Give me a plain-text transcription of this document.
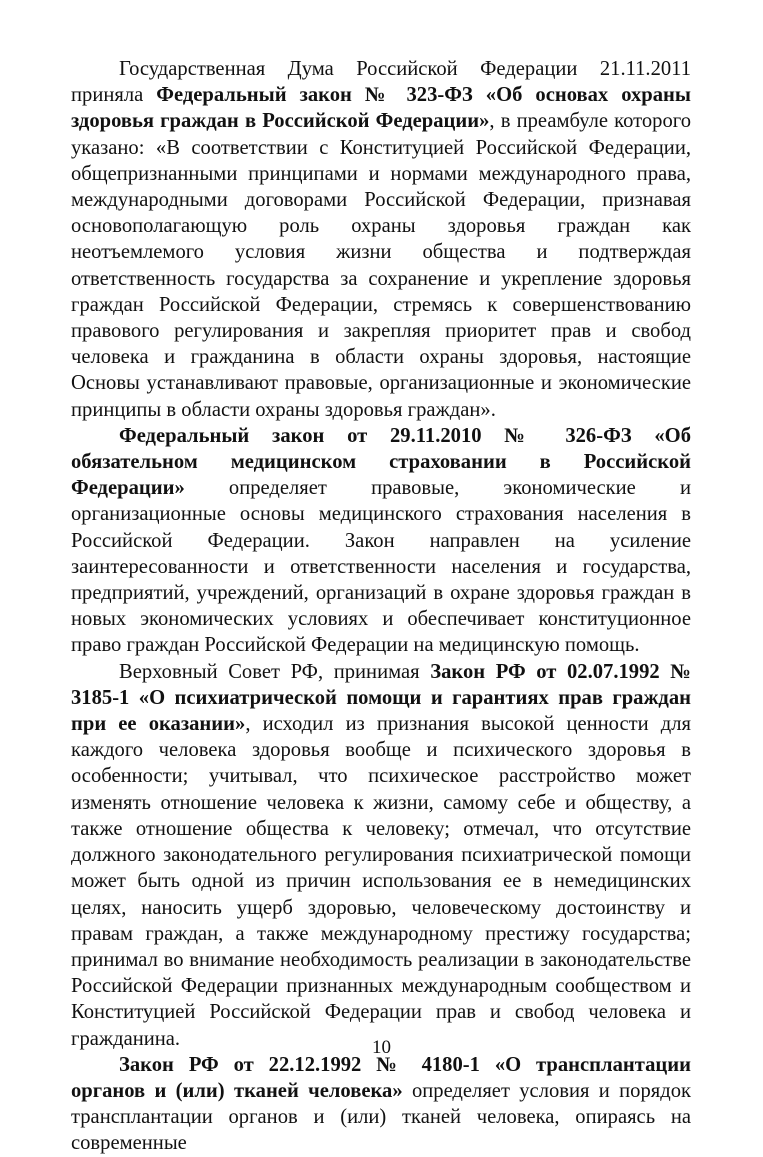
Государственная Дума Российской Федерации 21.11.2011 приняла Федеральный закон № 323-ФЗ «Об основах охраны здоровья граждан в Российской Федерации», в преамбуле которого указано: «В соответствии с Конституцией Российской Федерации, общепризнанными принципами и нормами международного права, международными договорами Российской Федерации, признавая основополагающую роль охраны здоровья граждан как неотъемлемого условия жизни общества и подтверждая ответственность государства за сохранение и укрепление здоровья граждан Российской Федерации, стремясь к совершенствованию правового регулирования и закрепляя приоритет прав и свобод человека и гражданина в области охраны здоровья, настоящие Основы устанавливают правовые, организационные и экономические принципы в области охраны здоровья граждан».

Федеральный закон от 29.11.2010 № 326-ФЗ «Об обязательном медицинском страховании в Российской Федерации» определяет правовые, экономические и организационные основы медицинского страхования населения в Российской Федерации. Закон направлен на усиление заинтересованности и ответственности населения и государства, предприятий, учреждений, организаций в охране здоровья граждан в новых экономических условиях и обеспечивает конституционное право граждан Российской Федерации на медицинскую помощь.

Верховный Совет РФ, принимая Закон РФ от 02.07.1992 № 3185-1 «О психиатрической помощи и гарантиях прав граждан при ее оказании», исходил из признания высокой ценности для каждого человека здоровья вообще и психического здоровья в особенности; учитывал, что психическое расстройство может изменять отношение человека к жизни, самому себе и обществу, а также отношение общества к человеку; отмечал, что отсутствие должного законодательного регулирования психиатрической помощи может быть одной из причин использования ее в немедицинских целях, наносить ущерб здоровью, человеческому достоинству и правам граждан, а также международному престижу государства; принимал во внимание необходимость реализации в законодательстве Российской Федерации признанных международным сообществом и Конституцией Российской Федерации прав и свобод человека и гражданина.

Закон РФ от 22.12.1992 № 4180-1 «О трансплантации органов и (или) тканей человека» определяет условия и порядок трансплантации органов и (или) тканей человека, опираясь на современные

10
